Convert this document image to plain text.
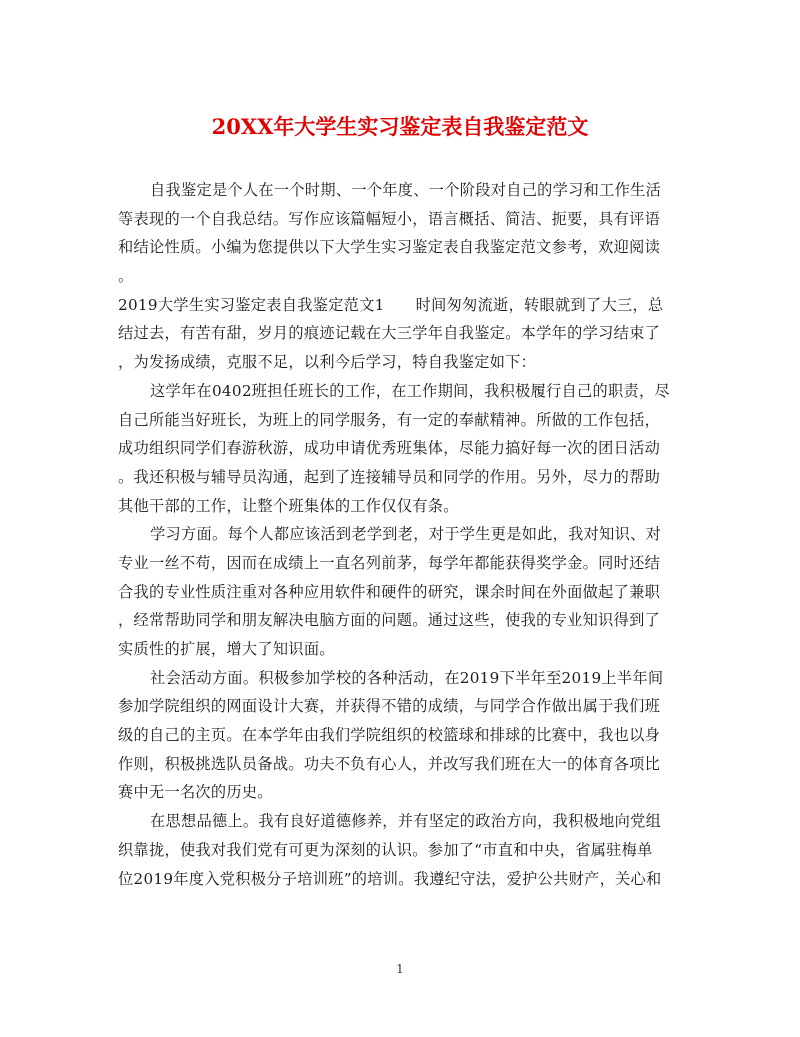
20XX年大学生实习鉴定表自我鉴定范文
自我鉴定是个人在一个时期、一个年度、一个阶段对自己的学习和工作生活
等表现的一个自我总结。写作应该篇幅短小，语言概括、简洁、扼要，具有评语
和结论性质。小编为您提供以下大学生实习鉴定表自我鉴定范文参考，欢迎阅读
。
2019大学生实习鉴定表自我鉴定范文1　　时间匆匆流逝，转眼就到了大三，总
结过去，有苦有甜，岁月的痕迹记载在大三学年自我鉴定。本学年的学习结束了
，为发扬成绩，克服不足，以利今后学习，特自我鉴定如下：
这学年在0402班担任班长的工作，在工作期间，我积极履行自己的职责，尽
自己所能当好班长，为班上的同学服务，有一定的奉献精神。所做的工作包括，
成功组织同学们春游秋游，成功申请优秀班集体，尽能力搞好每一次的团日活动
。我还积极与辅导员沟通，起到了连接辅导员和同学的作用。另外，尽力的帮助
其他干部的工作，让整个班集体的工作仅仅有条。
学习方面。每个人都应该活到老学到老，对于学生更是如此，我对知识、对
专业一丝不苟，因而在成绩上一直名列前茅，每学年都能获得奖学金。同时还结
合我的专业性质注重对各种应用软件和硬件的研究，课余时间在外面做起了兼职
，经常帮助同学和朋友解决电脑方面的问题。通过这些，使我的专业知识得到了
实质性的扩展，增大了知识面。
社会活动方面。积极参加学校的各种活动，在2019下半年至2019上半年间
参加学院组织的网面设计大赛，并获得不错的成绩，与同学合作做出属于我们班
级的自己的主页。在本学年由我们学院组织的校篮球和排球的比赛中，我也以身
作则，积极挑选队员备战。功夫不负有心人，并改写我们班在大一的体育各项比
赛中无一名次的历史。
在思想品德上。我有良好道德修养，并有坚定的政治方向，我积极地向党组
织靠拢，使我对我们党有可更为深刻的认识。参加了“市直和中央，省属驻梅单
位2019年度入党积极分子培训班”的培训。我遵纪守法，爱护公共财产，关心和
1
